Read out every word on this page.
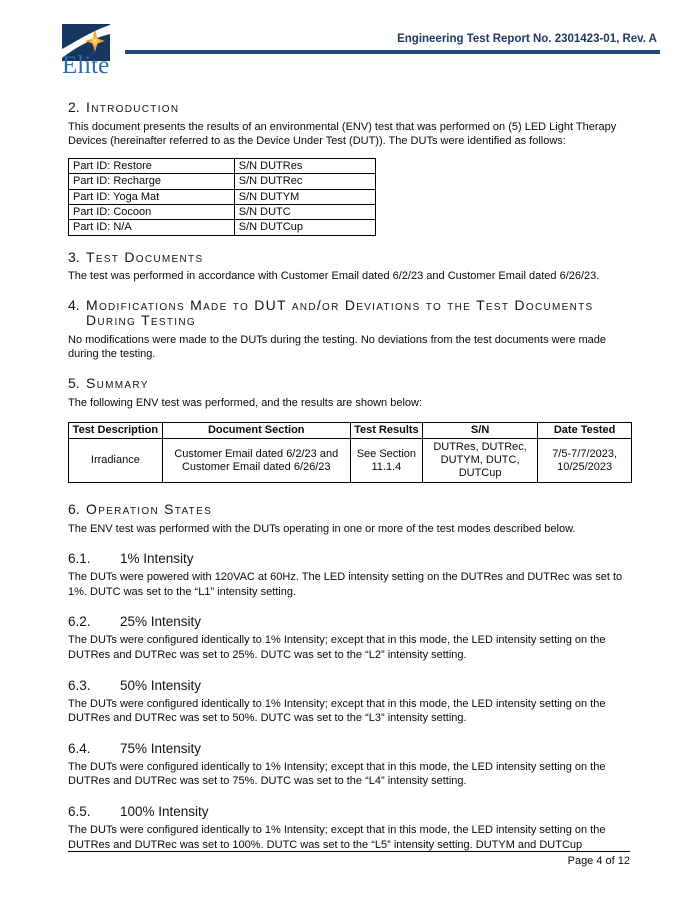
Elite
Engineering Test Report No. 2301423-01, Rev. A
2. Introduction

This document presents the results of an environmental (ENV) test that was performed on (5) LED Light Therapy Devices (hereinafter referred to as the Device Under Test (DUT)). The DUTs were identified as follows:

Part ID: Restore	S/N DUTRes
Part ID: Recharge	S/N DUTRec
Part ID: Yoga Mat	S/N DUTYM
Part ID: Cocoon	S/N DUTC
Part ID: N/A	S/N DUTCup
3. Test Documents

The test was performed in accordance with Customer Email dated 6/2/23 and Customer Email dated 6/26/23.

4. Modifications Made to DUT and/or Deviations to the Test Documents During Testing

No modifications were made to the DUTs during the testing. No deviations from the test documents were made during the testing.

5. Summary

The following ENV test was performed, and the results are shown below:

Test Description	Document Section	Test Results	S/N	Date Tested
Irradiance	Customer Email dated 6/2/23 and Customer Email dated 6/26/23	See Section 11.1.4	DUTRes, DUTRec, DUTYM, DUTC, DUTCup	7/5-7/7/2023, 10/25/2023
6. Operation States

The ENV test was performed with the DUTs operating in one or more of the test modes described below.

6.1.	1% Intensity

The DUTs were powered with 120VAC at 60Hz. The LED intensity setting on the DUTRes and DUTRec was set to 1%. DUTC was set to the “L1” intensity setting.

6.2.	25% Intensity

The DUTs were configured identically to 1% Intensity; except that in this mode, the LED intensity setting on the DUTRes and DUTRec was set to 25%. DUTC was set to the “L2” intensity setting.

6.3.	50% Intensity

The DUTs were configured identically to 1% Intensity; except that in this mode, the LED intensity setting on the DUTRes and DUTRec was set to 50%. DUTC was set to the “L3” intensity setting.

6.4.	75% Intensity

The DUTs were configured identically to 1% Intensity; except that in this mode, the LED intensity setting on the DUTRes and DUTRec was set to 75%. DUTC was set to the “L4” intensity setting.

6.5.	100% Intensity

The DUTs were configured identically to 1% Intensity; except that in this mode, the LED intensity setting on the DUTRes and DUTRec was set to 100%. DUTC was set to the “L5” intensity setting. DUTYM and DUTCup

Page 4 of 12
